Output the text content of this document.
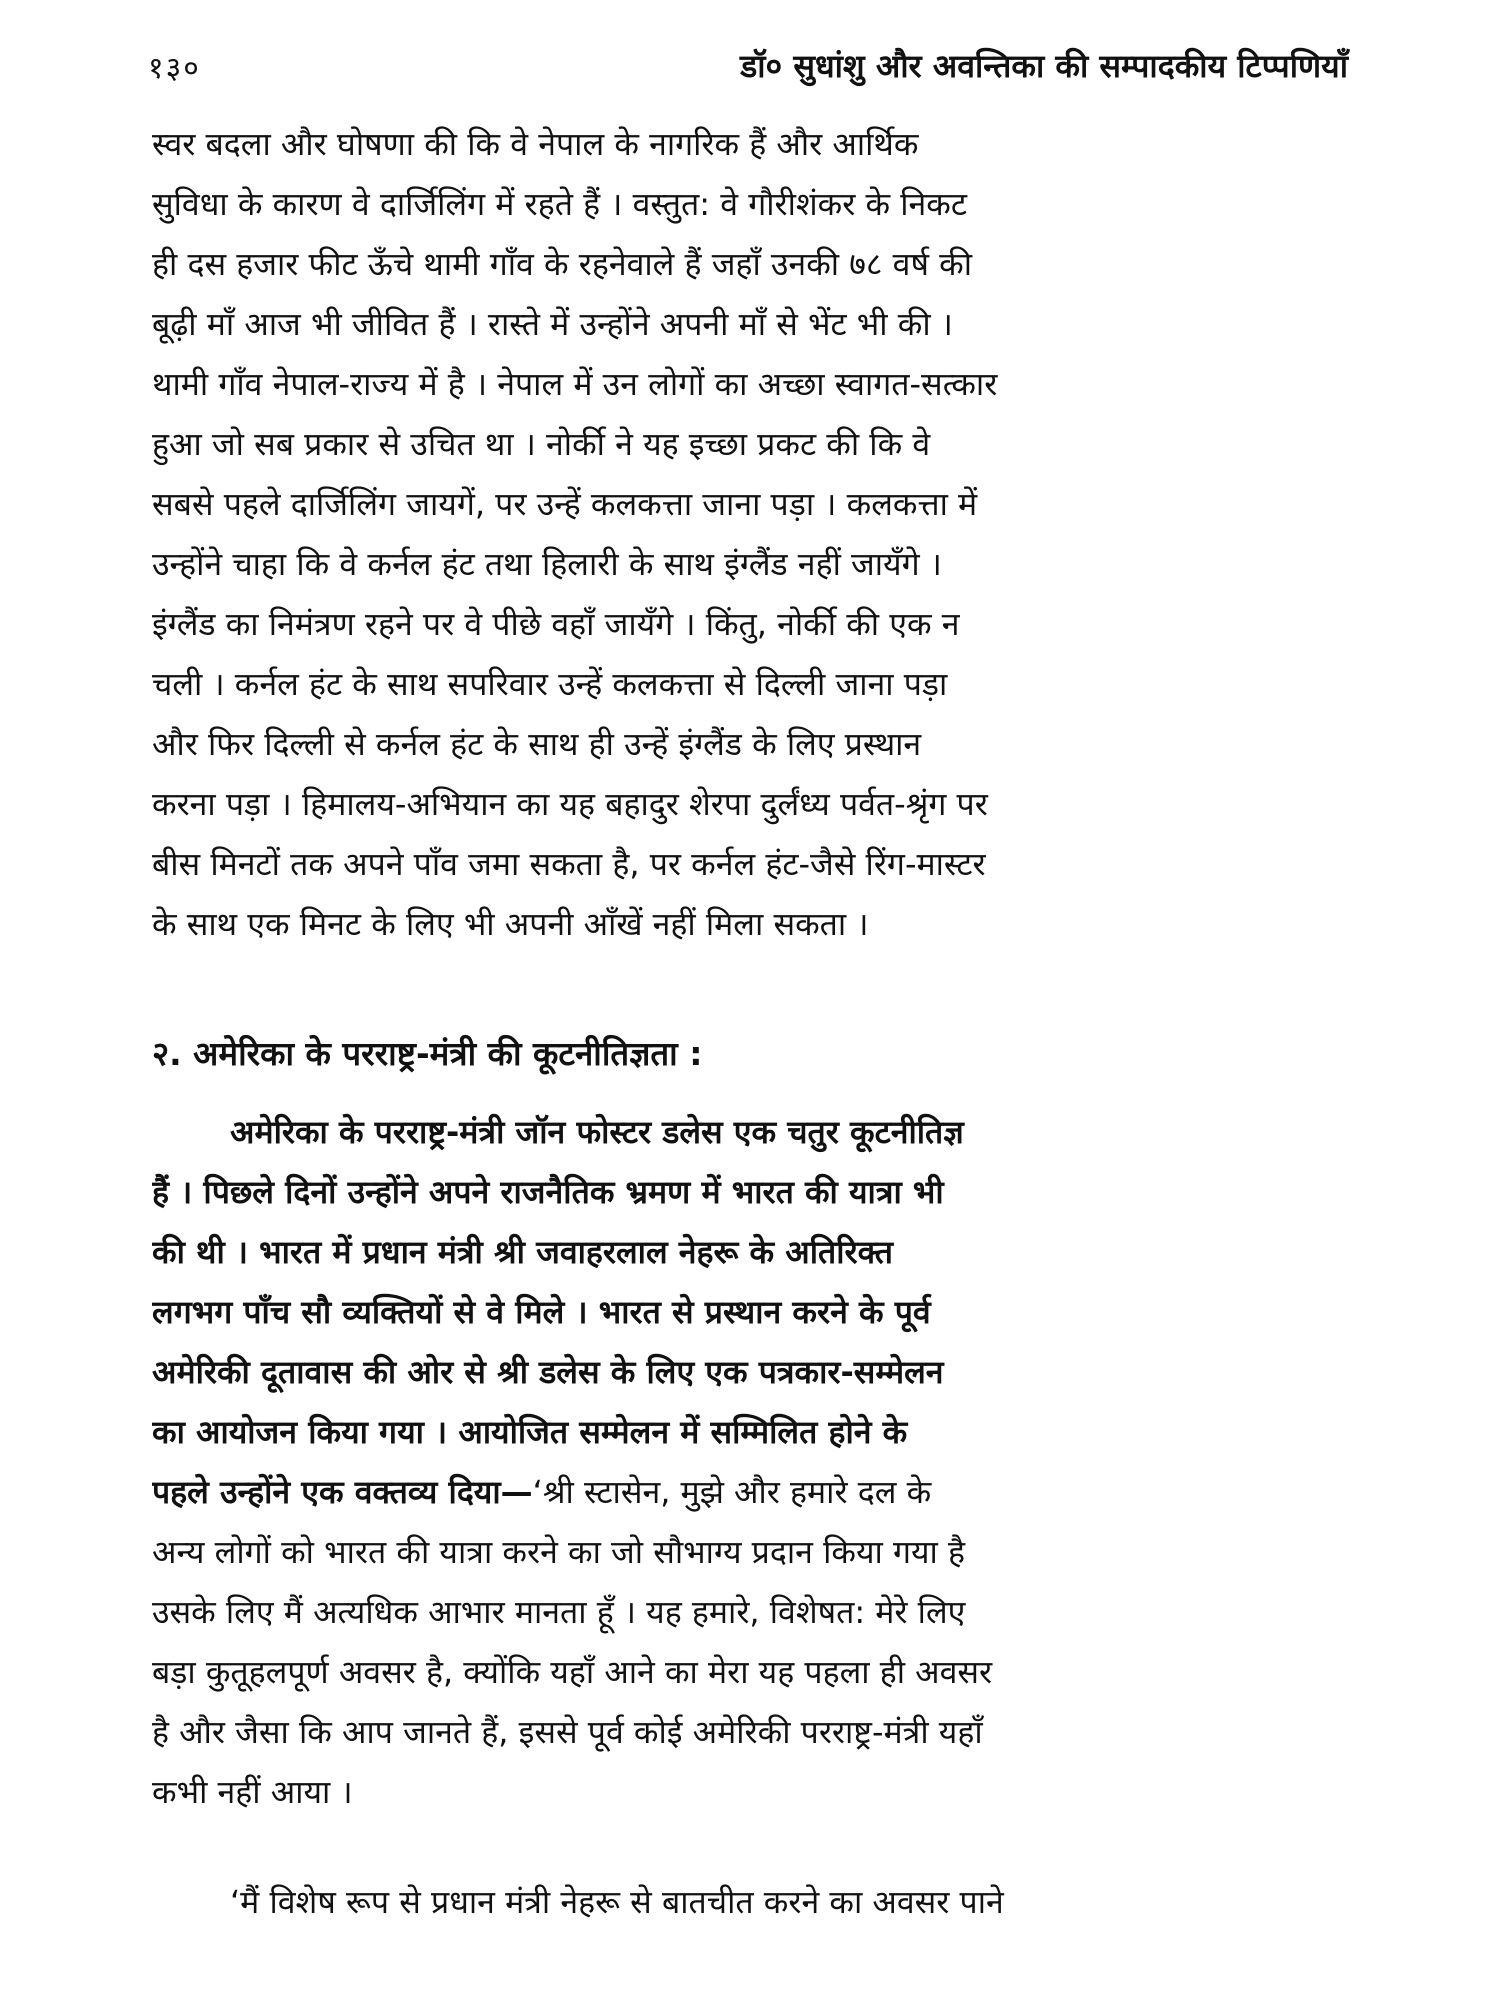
१३०	डॉ० सुधांशु और अवन्तिका की सम्पादकीय टिप्पणियाँ
स्वर बदला और घोषणा की कि वे नेपाल के नागरिक हैं और आर्थिक
सुविधा के कारण वे दार्जिलिंग में रहते हैं । वस्तुत: वे गौरीशंकर के निकट
ही दस हजार फीट ऊँचे थामी गाँव के रहनेवाले हैं जहाँ उनकी ७८ वर्ष की
बूढ़ी माँ आज भी जीवित हैं । रास्ते में उन्होंने अपनी माँ से भेंट भी की ।
थामी गाँव नेपाल-राज्य में है । नेपाल में उन लोगों का अच्छा स्वागत-सत्कार
हुआ जो सब प्रकार से उचित था । नोर्की ने यह इच्छा प्रकट की कि वे
सबसे पहले दार्जिलिंग जायगें, पर उन्हें कलकत्ता जाना पड़ा । कलकत्ता में
उन्होंने चाहा कि वे कर्नल हंट तथा हिलारी के साथ इंग्लैंड नहीं जायँगे ।
इंग्लैंड का निमंत्रण रहने पर वे पीछे वहाँ जायँगे । किंतु, नोर्की की एक न
चली । कर्नल हंट के साथ सपरिवार उन्हें कलकत्ता से दिल्ली जाना पड़ा
और फिर दिल्ली से कर्नल हंट के साथ ही उन्हें इंग्लैंड के लिए प्रस्थान
करना पड़ा । हिमालय-अभियान का यह बहादुर शेरपा दुर्लंध्य पर्वत-श्रृंग पर
बीस मिनटों तक अपने पाँव जमा सकता है, पर कर्नल हंट-जैसे रिंग-मास्टर
के साथ एक मिनट के लिए भी अपनी आँखें नहीं मिला सकता ।
२. अमेरिका के परराष्ट्र-मंत्री की कूटनीतिज्ञता :
अमेरिका के परराष्ट्र-मंत्री जॉन फोस्टर डलेस एक चतुर कूटनीतिज्ञ
हैं । पिछले दिनों उन्होंने अपने राजनैतिक भ्रमण में भारत की यात्रा भी
की थी । भारत में प्रधान मंत्री श्री जवाहरलाल नेहरू के अतिरिक्त
लगभग पाँच सौ व्यक्तियों से वे मिले । भारत से प्रस्थान करने के पूर्व
अमेरिकी दूतावास की ओर से श्री डलेस के लिए एक पत्रकार-सम्मेलन
का आयोजन किया गया । आयोजित सम्मेलन में सम्मिलित होने के
पहले उन्होंने एक वक्तव्य दिया—‘श्री स्टासेन, मुझे और हमारे दल के
अन्य लोगों को भारत की यात्रा करने का जो सौभाग्य प्रदान किया गया है
उसके लिए मैं अत्यधिक आभार मानता हूँ । यह हमारे, विशेषत: मेरे लिए
बड़ा कुतूहलपूर्ण अवसर है, क्योंकि यहाँ आने का मेरा यह पहला ही अवसर
है और जैसा कि आप जानते हैं, इससे पूर्व कोई अमेरिकी परराष्ट्र-मंत्री यहाँ
कभी नहीं आया ।
‘मैं विशेष रूप से प्रधान मंत्री नेहरू से बातचीत करने का अवसर पाने
